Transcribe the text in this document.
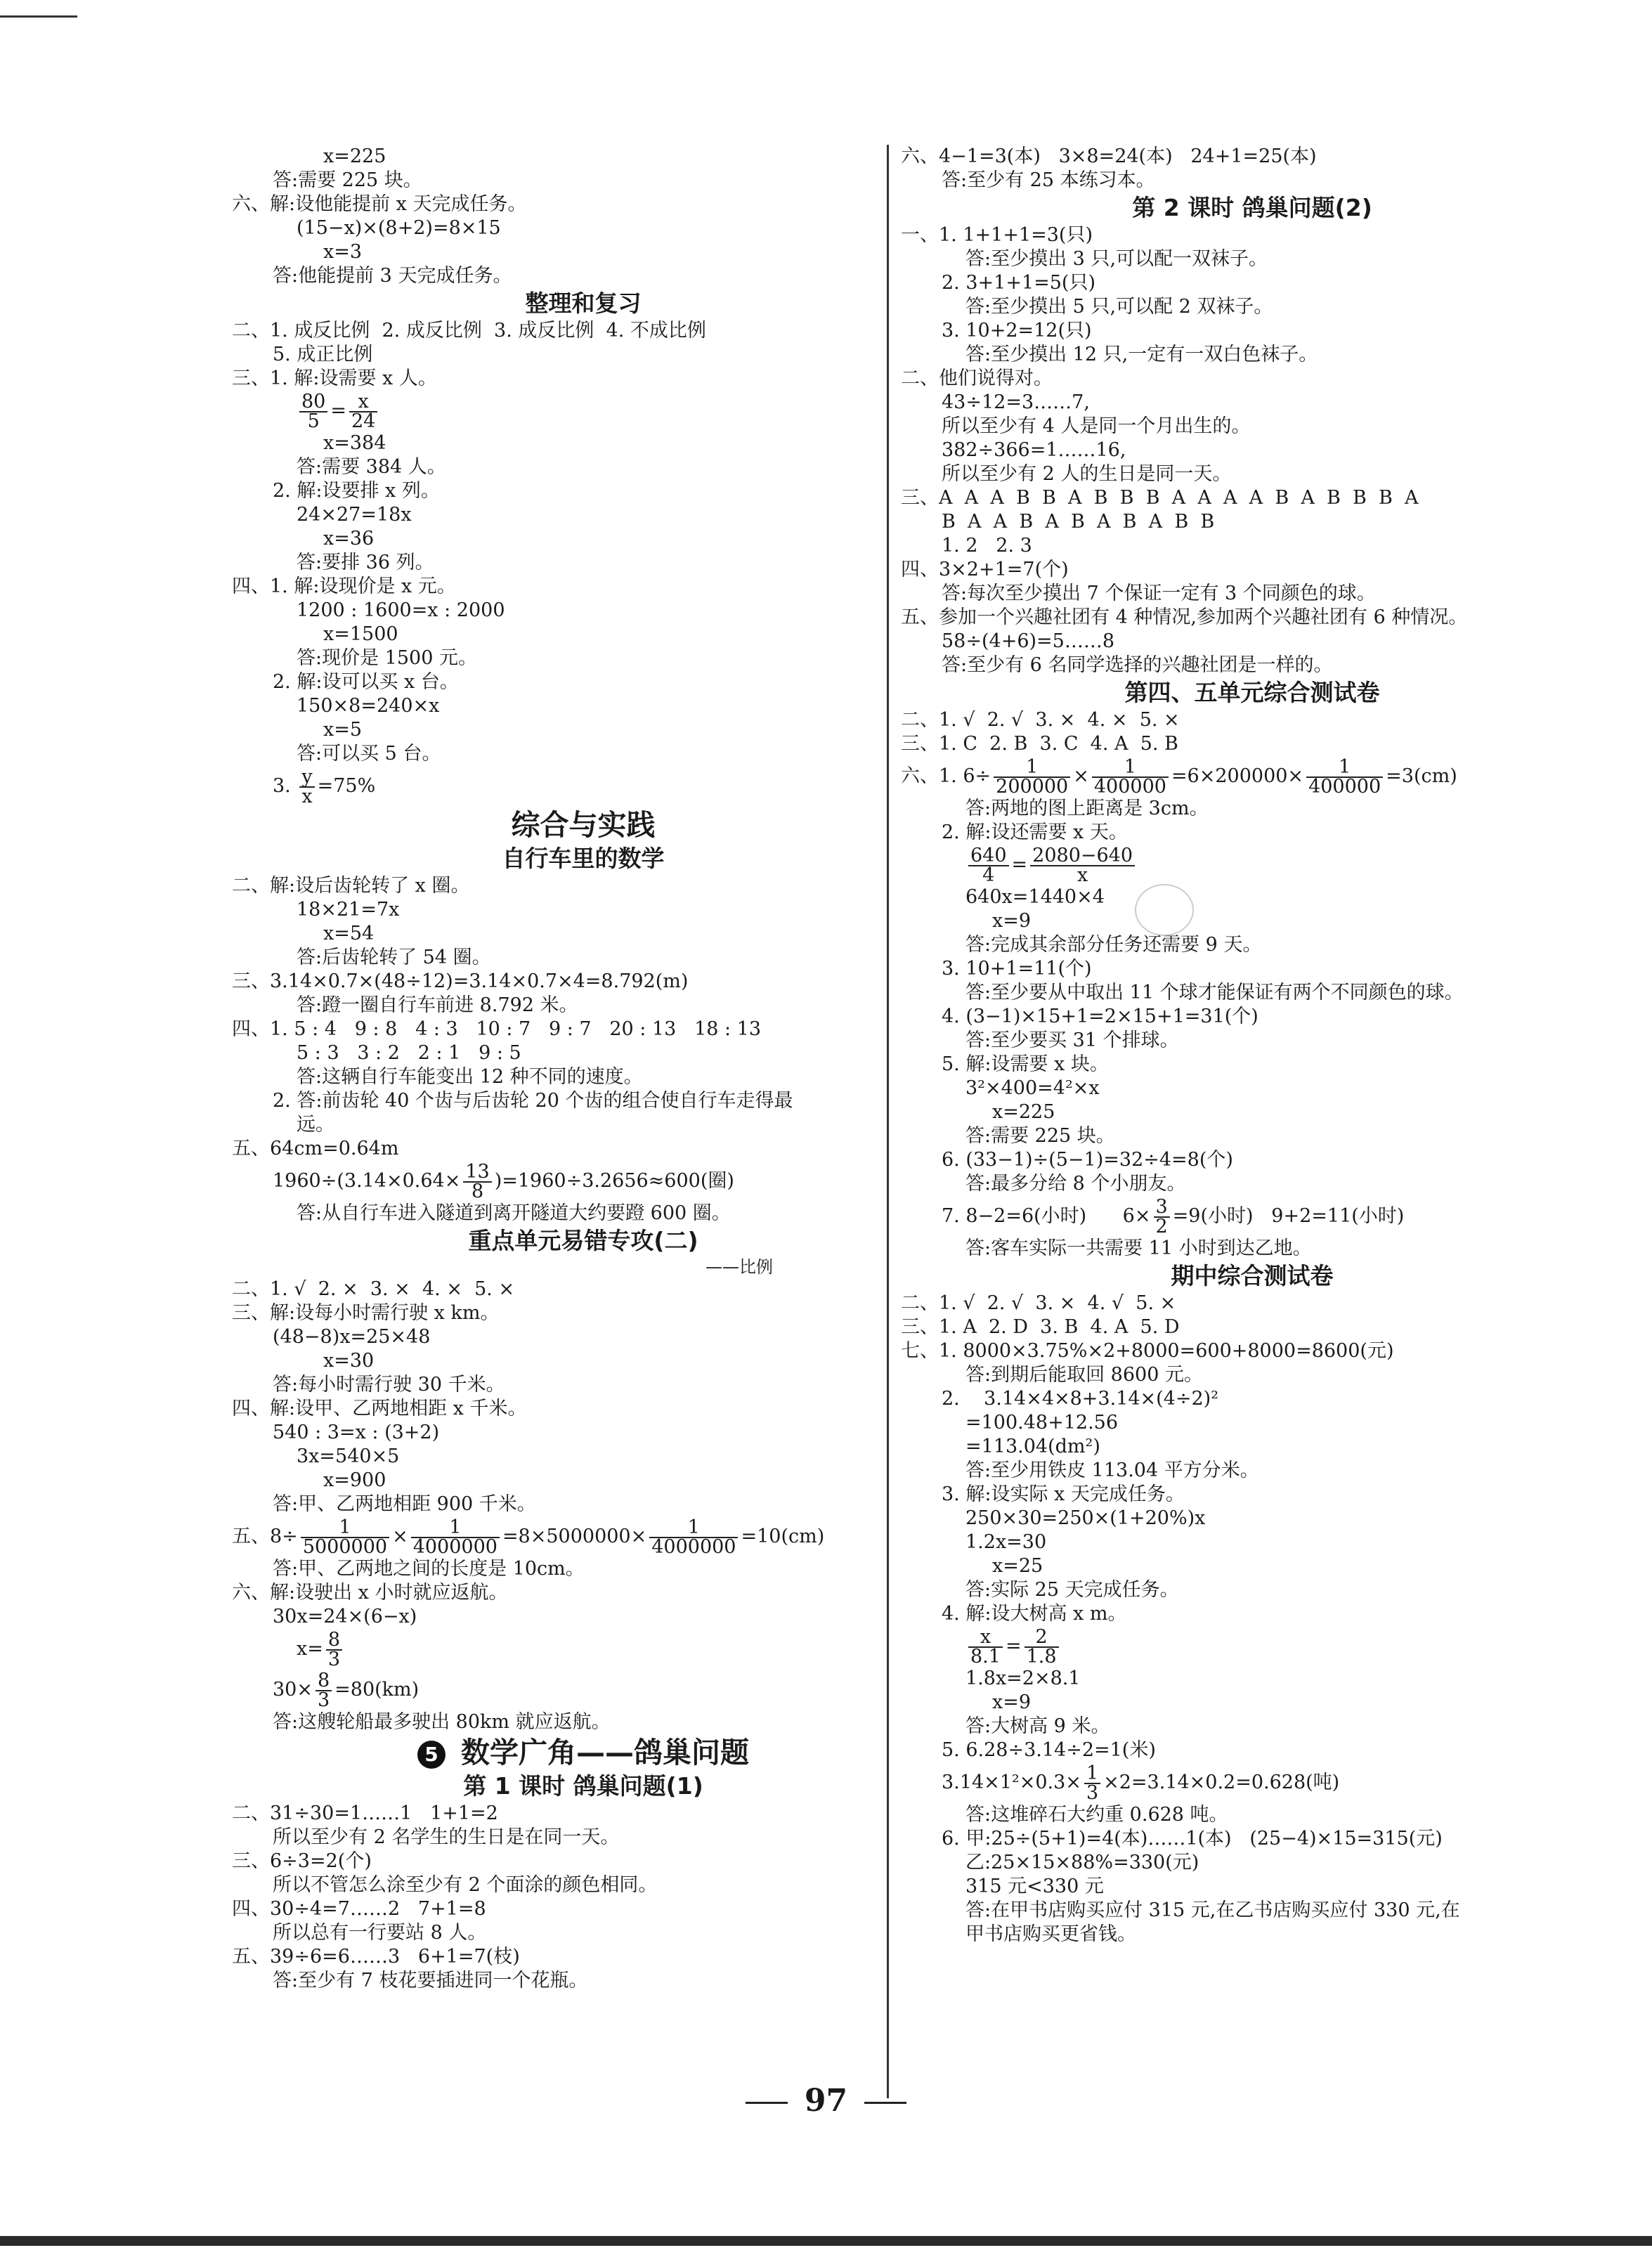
x=225
答:需要 225 块。
六、解:设他能提前 x 天完成任务。
(15−x)×(8+2)=8×15
x=3
答:他能提前 3 天完成任务。
整理和复习
二、1. 成反比例  2. 成反比例  3. 成反比例  4. 不成比例
5. 成正比例
三、1. 解:设需要 x 人。
$\frac{80}{5} = \frac{x}{24}$
x=384
答:需要 384 人。
2. 解:设要排 x 列。
24×27=18x
x=36
答:要排 36 列。
四、1. 解:设现价是 x 元。
1200 : 1600=x : 2000
x=1500
答:现价是 1500 元。
2. 解:设可以买 x 台。
150×8=240×x
x=5
答:可以买 5 台。
3. $\frac{y}{x} =75\%$
综合与实践
自行车里的数学
二、解:设后齿轮转了 x 圈。
18×21=7x
x=54
答:后齿轮转了 54 圈。
三、3.14×0.7×(48÷12)=3.14×0.7×4=8.792(m)
答:蹬一圈自行车前进 8.792 米。
四、1. 5 : 4   9 : 8   4 : 3   10 : 7   9 : 7   20 : 13   18 : 13
5 : 3   3 : 2   2 : 1   9 : 5
答:这辆自行车能变出 12 种不同的速度。
2. 答:前齿轮 40 个齿与后齿轮 20 个齿的组合使自行车走得最
远。
五、64cm=0.64m
$1960\div(3.14\times 0.64\times \frac{13}{8} )=1960\div 3.2656\approx 600$(圈)
答:从自行车进入隧道到离开隧道大约要蹬 600 圈。
重点单元易错专攻(二)
——比例
二、1. √  2. ×  3. ×  4. ×  5. ×
三、解:设每小时需行驶 x km。
(48−8)x=25×48
x=30
答:每小时需行驶 30 千米。
四、解:设甲、乙两地相距 x 千米。
540 : 3=x : (3+2)
3x=540×5
x=900
答:甲、乙两地相距 900 千米。
五、$8\div \frac{1}{5000000} \times \frac{1}{4000000} =8\times 5000000\times \frac{1}{4000000} =10(cm)$
答:甲、乙两地之间的长度是 10cm。
六、解:设驶出 x 小时就应返航。
30x=24×(6−x)
$x= \frac{8}{3}$
$30\times \frac{8}{3} =80(km)$
答:这艘轮船最多驶出 80km 就应返航。
5 数学广角——鸽巢问题
第 1 课时 鸽巢问题(1)
二、31÷30=1……1   1+1=2
所以至少有 2 名学生的生日是在同一天。
三、6÷3=2(个)
所以不管怎么涂至少有 2 个面涂的颜色相同。
四、30÷4=7……2   7+1=8
所以总有一行要站 8 人。
五、39÷6=6……3   6+1=7(枝)
答:至少有 7 枝花要插进同一个花瓶。
六、4−1=3(本)   3×8=24(本)   24+1=25(本)
答:至少有 25 本练习本。
第 2 课时 鸽巢问题(2)
一、1. 1+1+1=3(只)
答:至少摸出 3 只,可以配一双袜子。
2. 3+1+1=5(只)
答:至少摸出 5 只,可以配 2 双袜子。
3. 10+2=12(只)
答:至少摸出 12 只,一定有一双白色袜子。
二、他们说得对。
43÷12=3……7,
所以至少有 4 人是同一个月出生的。
382÷366=1……16,
所以至少有 2 人的生日是同一天。
三、A  A  A  B  B  A  B  B  B  A  A  A  A  B  A  B  B  B  A
B  A  A  B  A  B  A  B  A  B  B
1. 2   2. 3
四、3×2+1=7(个)
答:每次至少摸出 7 个保证一定有 3 个同颜色的球。
五、参加一个兴趣社团有 4 种情况,参加两个兴趣社团有 6 种情况。
58÷(4+6)=5……8
答:至少有 6 名同学选择的兴趣社团是一样的。
第四、五单元综合测试卷
二、1. √  2. √  3. ×  4. ×  5. ×
三、1. C  2. B  3. C  4. A  5. B
六、1. $6\div \frac{1}{200000} \times \frac{1}{400000} =6\times 200000\times \frac{1}{400000} =3(cm)$
答:两地的图上距离是 3cm。
2. 解:设还需要 x 天。
$\frac{640}{4} = \frac{2080-640}{x}$
640x=1440×4
x=9
答:完成其余部分任务还需要 9 天。
3. 10+1=11(个)
答:至少要从中取出 11 个球才能保证有两个不同颜色的球。
4. (3−1)×15+1=2×15+1=31(个)
答:至少要买 31 个排球。
5. 解:设需要 x 块。
3²×400=4²×x
x=225
答:需要 225 块。
6. (33−1)÷(5−1)=32÷4=8(个)
答:最多分给 8 个小朋友。
7. 8−2=6(小时)      $6\times \frac{3}{2} =9$(小时)   9+2=11(小时)
答:客车实际一共需要 11 小时到达乙地。
期中综合测试卷
二、1. √  2. √  3. ×  4. √  5. ×
三、1. A  2. D  3. B  4. A  5. D
七、1. 8000×3.75%×2+8000=600+8000=8600(元)
答:到期后能取回 8600 元。
2.    3.14×4×8+3.14×(4÷2)²
=100.48+12.56
=113.04(dm²)
答:至少用铁皮 113.04 平方分米。
3. 解:设实际 x 天完成任务。
250×30=250×(1+20%)x
1.2x=30
x=25
答:实际 25 天完成任务。
4. 解:设大树高 x m。
$\frac{x}{8.1} = \frac{2}{1.8}$
1.8x=2×8.1
x=9
答:大树高 9 米。
5. 6.28÷3.14÷2=1(米)
$3.14\times 1^2\times 0.3\times \frac{1}{3} \times 2=3.14\times 0.2=0.628$(吨)
答:这堆碎石大约重 0.628 吨。
6. 甲:25÷(5+1)=4(本)……1(本)   (25−4)×15=315(元)
乙:25×15×88%=330(元)
315 元<330 元
答:在甲书店购买应付 315 元,在乙书店购买应付 330 元,在
甲书店购买更省钱。
97
